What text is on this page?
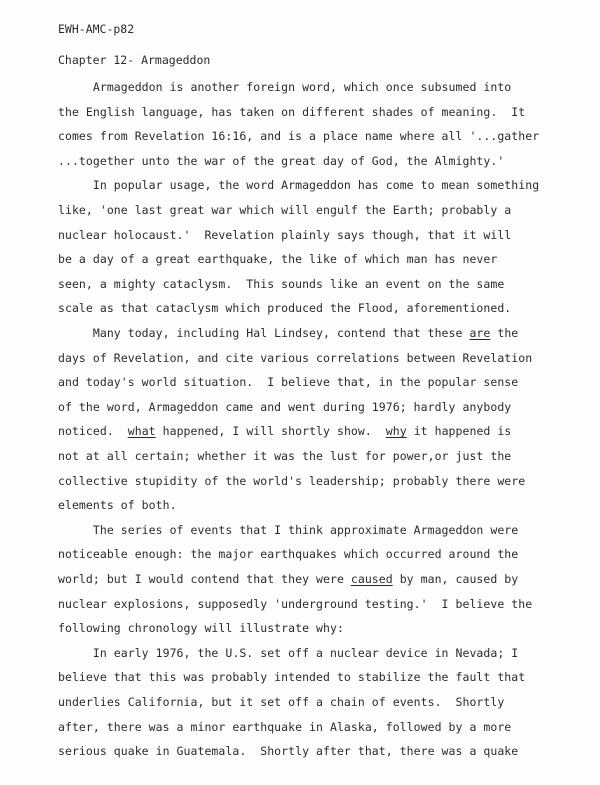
EWH-AMC-p82
Chapter 12- Armageddon
Armageddon is another foreign word, which once subsumed into
the English language, has taken on different shades of meaning.  It
comes from Revelation 16:16, and is a place name where all '...gather
...together unto the war of the great day of God, the Almighty.'
In popular usage, the word Armageddon has come to mean something
like, 'one last great war which will engulf the Earth; probably a
nuclear holocaust.'  Revelation plainly says though, that it will
be a day of a great earthquake, the like of which man has never
seen, a mighty cataclysm.  This sounds like an event on the same
scale as that cataclysm which produced the Flood, aforementioned.
Many today, including Hal Lindsey, contend that these are the
days of Revelation, and cite various correlations between Revelation
and today's world situation.  I believe that, in the popular sense
of the word, Armageddon came and went during 1976; hardly anybody
noticed.  what happened, I will shortly show.  why it happened is
not at all certain; whether it was the lust for power,or just the
collective stupidity of the world's leadership; probably there were
elements of both.
The series of events that I think approximate Armageddon were
noticeable enough: the major earthquakes which occurred around the
world; but I would contend that they were caused by man, caused by
nuclear explosions, supposedly 'underground testing.'  I believe the
following chronology will illustrate why:
In early 1976, the U.S. set off a nuclear device in Nevada; I
believe that this was probably intended to stabilize the fault that
underlies California, but it set off a chain of events.  Shortly
after, there was a minor earthquake in Alaska, followed by a more
serious quake in Guatemala.  Shortly after that, there was a quake
